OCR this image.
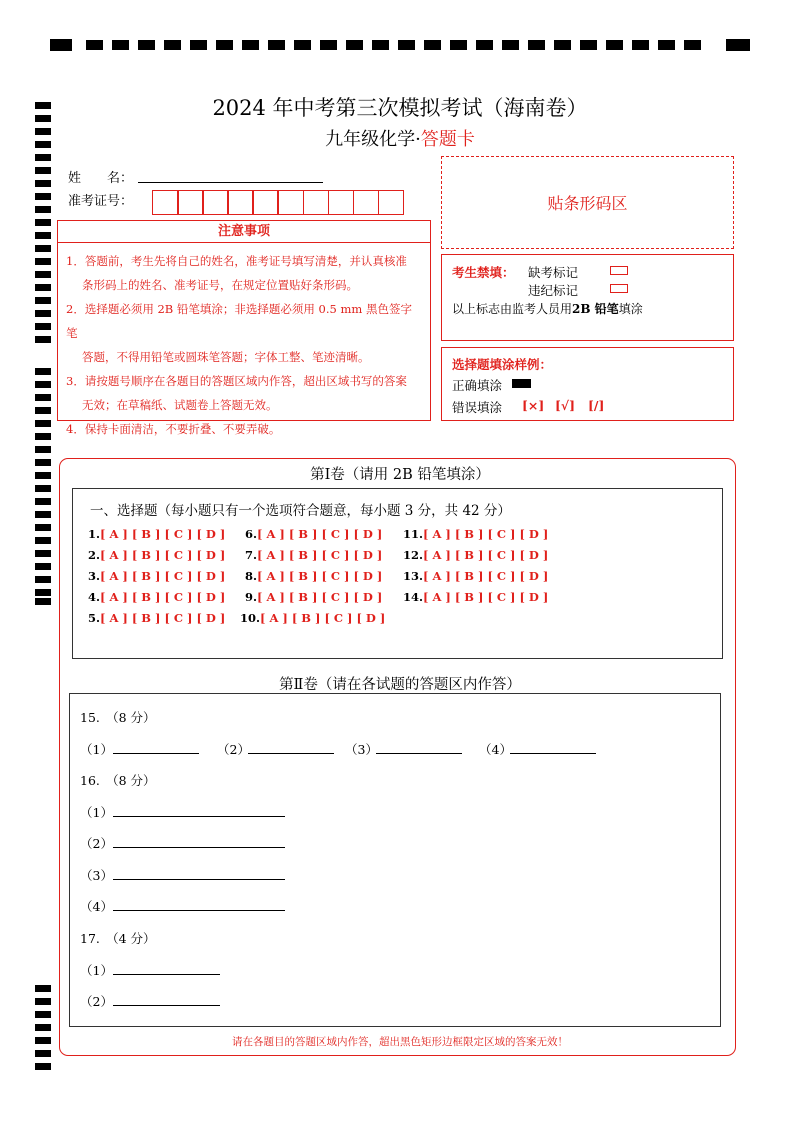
2024 年中考第三次模拟考试（海南卷）
九年级化学·答题卡
姓　　名：
准考证号：	贴条形码区
注意事项
1．答题前，考生先将自己的姓名，准考证号填写清楚，并认真核准
条形码上的姓名、准考证号，在规定位置贴好条形码。
2．选择题必须用 2B 铅笔填涂；非选择题必须用 0.5 mm 黑色签字笔
答题，不得用铅笔或圆珠笔答题；字体工整、笔迹清晰。
3．请按题号顺序在各题目的答题区域内作答，超出区域书写的答案
无效；在草稿纸、试题卷上答题无效。
4．保持卡面清洁，不要折叠、不要弄破。
考生禁填： 缺考标记
违纪标记
以上标志由监考人员用2B 铅笔填涂
选择题填涂样例：
正确填涂
错误填涂 [×] [√] [/]
第Ⅰ卷（请用 2B 铅笔填涂）
一、选择题（每小题只有一个选项符合题意，每小题 3 分，共 42 分）
1.[ A ] [ B ] [ C ] [ D ]
2.[ A ] [ B ] [ C ] [ D ]
3.[ A ] [ B ] [ C ] [ D ]
4.[ A ] [ B ] [ C ] [ D ]
5.[ A ] [ B ] [ C ] [ D ]
6.[ A ] [ B ] [ C ] [ D ]
7.[ A ] [ B ] [ C ] [ D ]
8.[ A ] [ B ] [ C ] [ D ]
9.[ A ] [ B ] [ C ] [ D ]
10.[ A ] [ B ] [ C ] [ D ]
11.[ A ] [ B ] [ C ] [ D ]
12.[ A ] [ B ] [ C ] [ D ]
13.[ A ] [ B ] [ C ] [ D ]
14.[ A ] [ B ] [ C ] [ D ]
第Ⅱ卷（请在各试题的答题区内作答）
15.　（8 分）
（1）	（2）	（3）	（4）
16.　（8 分）
（1）
（2）
（3）
（4）
17.　（4 分）
（1）
（2）
请在各题目的答题区域内作答，超出黑色矩形边框限定区域的答案无效！
